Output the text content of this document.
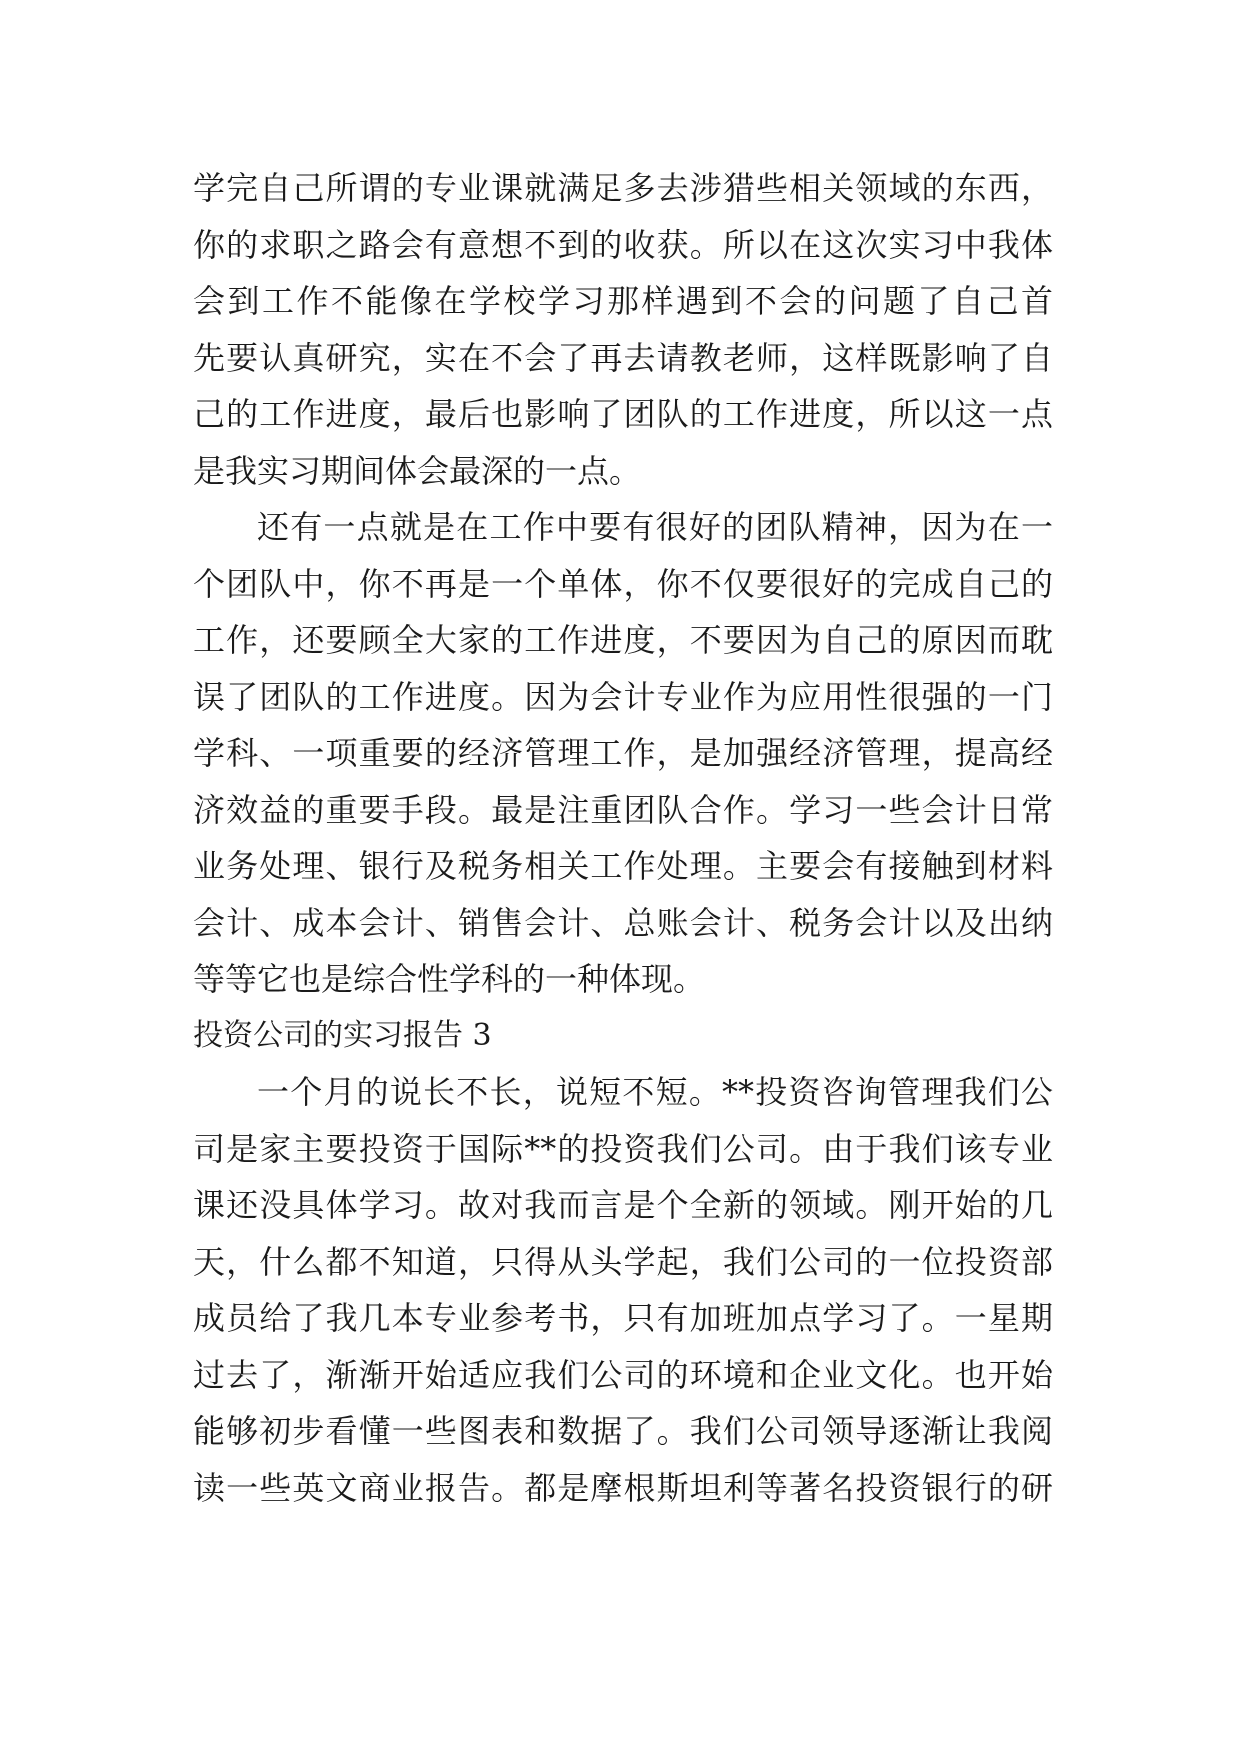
学完自己所谓的专业课就满足多去涉猎些相关领域的东西，
你的求职之路会有意想不到的收获。所以在这次实习中我体
会到工作不能像在学校学习那样遇到不会的问题了自己首
先要认真研究，实在不会了再去请教老师，这样既影响了自
己的工作进度，最后也影响了团队的工作进度，所以这一点
是我实习期间体会最深的一点。
还有一点就是在工作中要有很好的团队精神，因为在一
个团队中，你不再是一个单体，你不仅要很好的完成自己的
工作，还要顾全大家的工作进度，不要因为自己的原因而耽
误了团队的工作进度。因为会计专业作为应用性很强的一门
学科、一项重要的经济管理工作，是加强经济管理，提高经
济效益的重要手段。最是注重团队合作。学习一些会计日常
业务处理、银行及税务相关工作处理。主要会有接触到材料
会计、成本会计、销售会计、总账会计、税务会计以及出纳
等等它也是综合性学科的一种体现。
投资公司的实习报告 3
一个月的说长不长，说短不短。**投资咨询管理我们公
司是家主要投资于国际**的投资我们公司。由于我们该专业
课还没具体学习。故对我而言是个全新的领域。刚开始的几
天，什么都不知道，只得从头学起，我们公司的一位投资部
成员给了我几本专业参考书，只有加班加点学习了。一星期
过去了，渐渐开始适应我们公司的环境和企业文化。也开始
能够初步看懂一些图表和数据了。我们公司领导逐渐让我阅
读一些英文商业报告。都是摩根斯坦利等著名投资银行的研
